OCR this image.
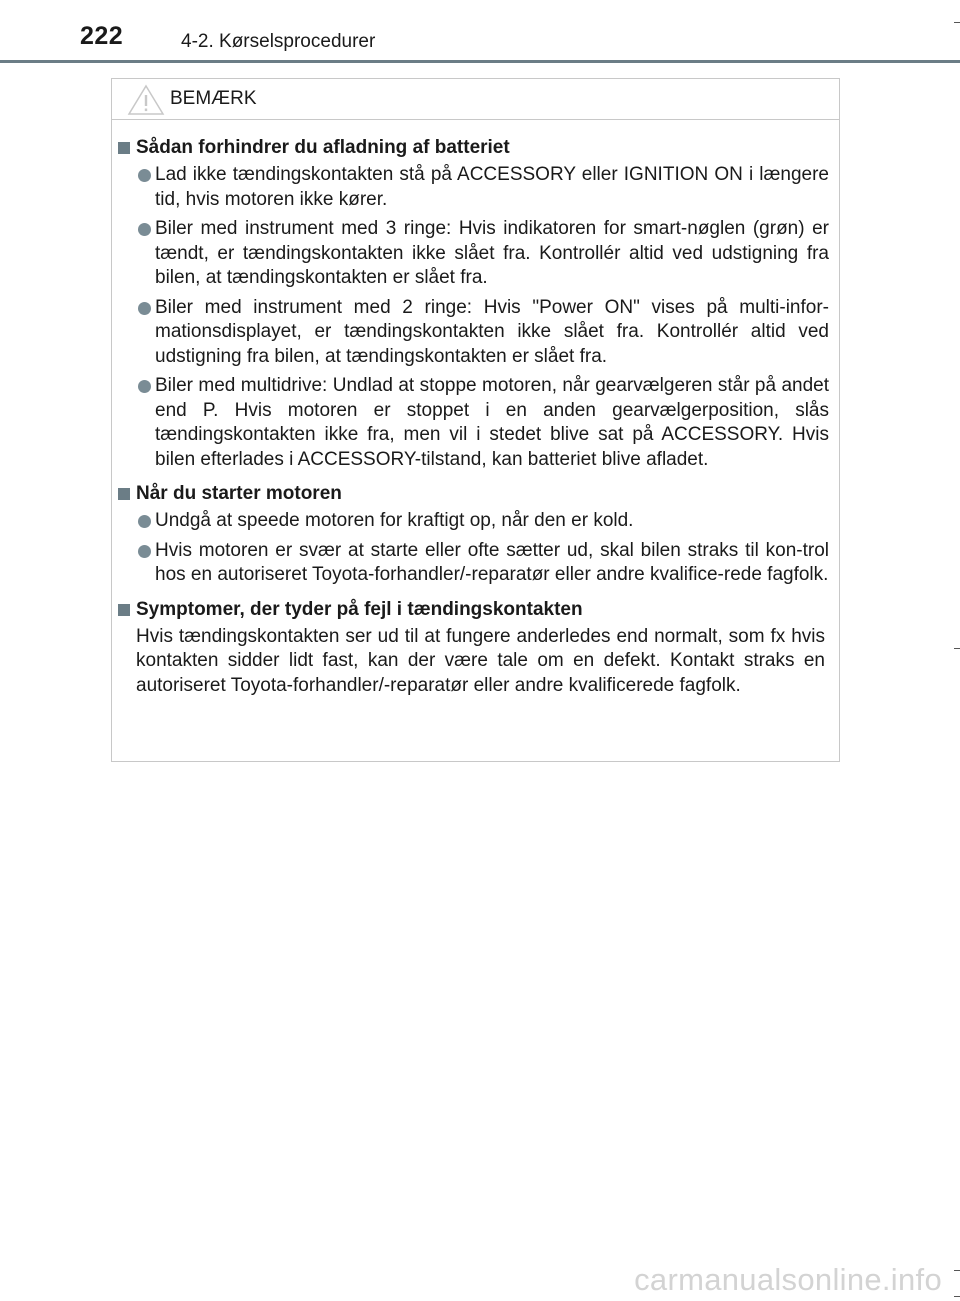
222	4-2. Kørselsprocedurer
BEMÆRK
Sådan forhindrer du afladning af batteriet
Lad ikke tændingskontakten stå på ACCESSORY eller IGNITION ON i længere tid, hvis motoren ikke kører.
Biler med instrument med 3 ringe: Hvis indikatoren for smart-nøglen (grøn) er tændt, er tændingskontakten ikke slået fra. Kontrollér altid ved udstigning fra bilen, at tændingskontakten er slået fra.
Biler med instrument med 2 ringe: Hvis "Power ON" vises på multi-infor-mationsdisplayet, er tændingskontakten ikke slået fra. Kontrollér altid ved udstigning fra bilen, at tændingskontakten er slået fra.
Biler med multidrive: Undlad at stoppe motoren, når gearvælgeren står på andet end P. Hvis motoren er stoppet i en anden gearvælgerposition, slås tændingskontakten ikke fra, men vil i stedet blive sat på ACCESSORY. Hvis bilen efterlades i ACCESSORY-tilstand, kan batteriet blive afladet.
Når du starter motoren
Undgå at speede motoren for kraftigt op, når den er kold.
Hvis motoren er svær at starte eller ofte sætter ud, skal bilen straks til kon-trol hos en autoriseret Toyota-forhandler/-reparatør eller andre kvalifice-rede fagfolk.
Symptomer, der tyder på fejl i tændingskontakten
Hvis tændingskontakten ser ud til at fungere anderledes end normalt, som fx hvis kontakten sidder lidt fast, kan der være tale om en defekt. Kontakt straks en autoriseret Toyota-forhandler/-reparatør eller andre kvalificerede fagfolk.
carmanualsonline.info
